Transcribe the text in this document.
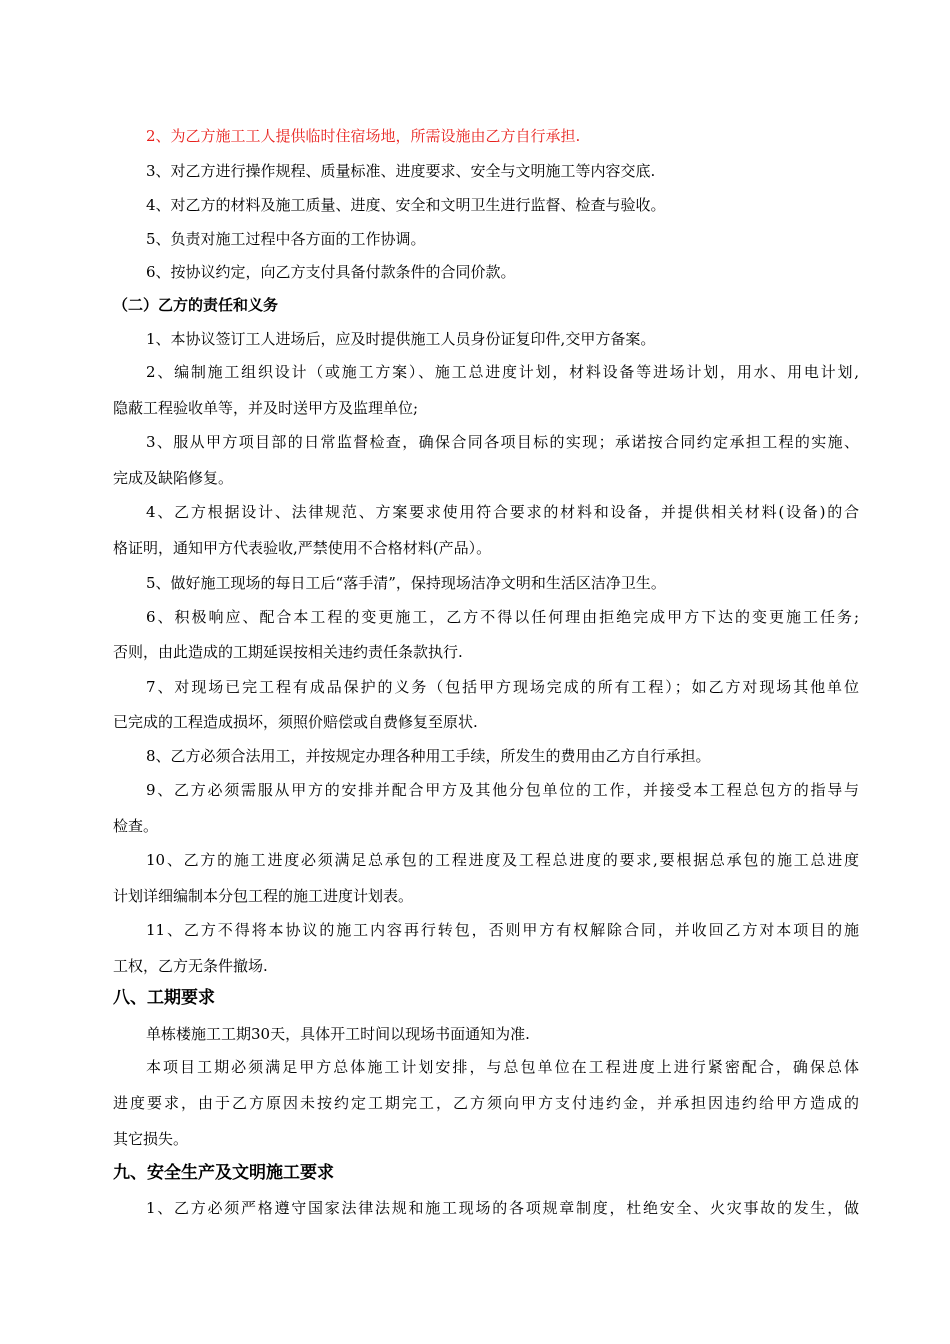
2、为乙方施工工人提供临时住宿场地，所需设施由乙方自行承担.
3、对乙方进行操作规程、质量标准、进度要求、安全与文明施工等内容交底.
4、对乙方的材料及施工质量、进度、安全和文明卫生进行监督、检查与验收。
5、负责对施工过程中各方面的工作协调。
6、按协议约定，向乙方支付具备付款条件的合同价款。
（二）乙方的责任和义务
1、本协议签订工人进场后，应及时提供施工人员身份证复印件,交甲方备案。
2、编制施工组织设计（或施工方案）、施工总进度计划，材料设备等进场计划，用水、用电计划,
隐蔽工程验收单等，并及时送甲方及监理单位;
3、服从甲方项目部的日常监督检查，确保合同各项目标的实现；承诺按合同约定承担工程的实施、
完成及缺陷修复。
4、乙方根据设计、法律规范、方案要求使用符合要求的材料和设备，并提供相关材料(设备)的合
格证明，通知甲方代表验收,严禁使用不合格材料(产品）。
5、做好施工现场的每日工后“落手清”，保持现场洁净文明和生活区洁净卫生。
6、积极响应、配合本工程的变更施工，乙方不得以任何理由拒绝完成甲方下达的变更施工任务;
否则，由此造成的工期延误按相关违约责任条款执行.
7、对现场已完工程有成品保护的义务（包括甲方现场完成的所有工程）；如乙方对现场其他单位
已完成的工程造成损坏，须照价赔偿或自费修复至原状.
8、乙方必须合法用工，并按规定办理各种用工手续，所发生的费用由乙方自行承担。
9、乙方必须需服从甲方的安排并配合甲方及其他分包单位的工作，并接受本工程总包方的指导与
检查。
10、乙方的施工进度必须满足总承包的工程进度及工程总进度的要求,要根据总承包的施工总进度
计划详细编制本分包工程的施工进度计划表。
11、乙方不得将本协议的施工内容再行转包，否则甲方有权解除合同，并收回乙方对本项目的施
工权，乙方无条件撤场.
八、工期要求
单栋楼施工工期30天，具体开工时间以现场书面通知为准.
本项目工期必须满足甲方总体施工计划安排，与总包单位在工程进度上进行紧密配合，确保总体
进度要求，由于乙方原因未按约定工期完工，乙方须向甲方支付违约金，并承担因违约给甲方造成的
其它损失。
九、安全生产及文明施工要求
1、乙方必须严格遵守国家法律法规和施工现场的各项规章制度，杜绝安全、火灾事故的发生，做
